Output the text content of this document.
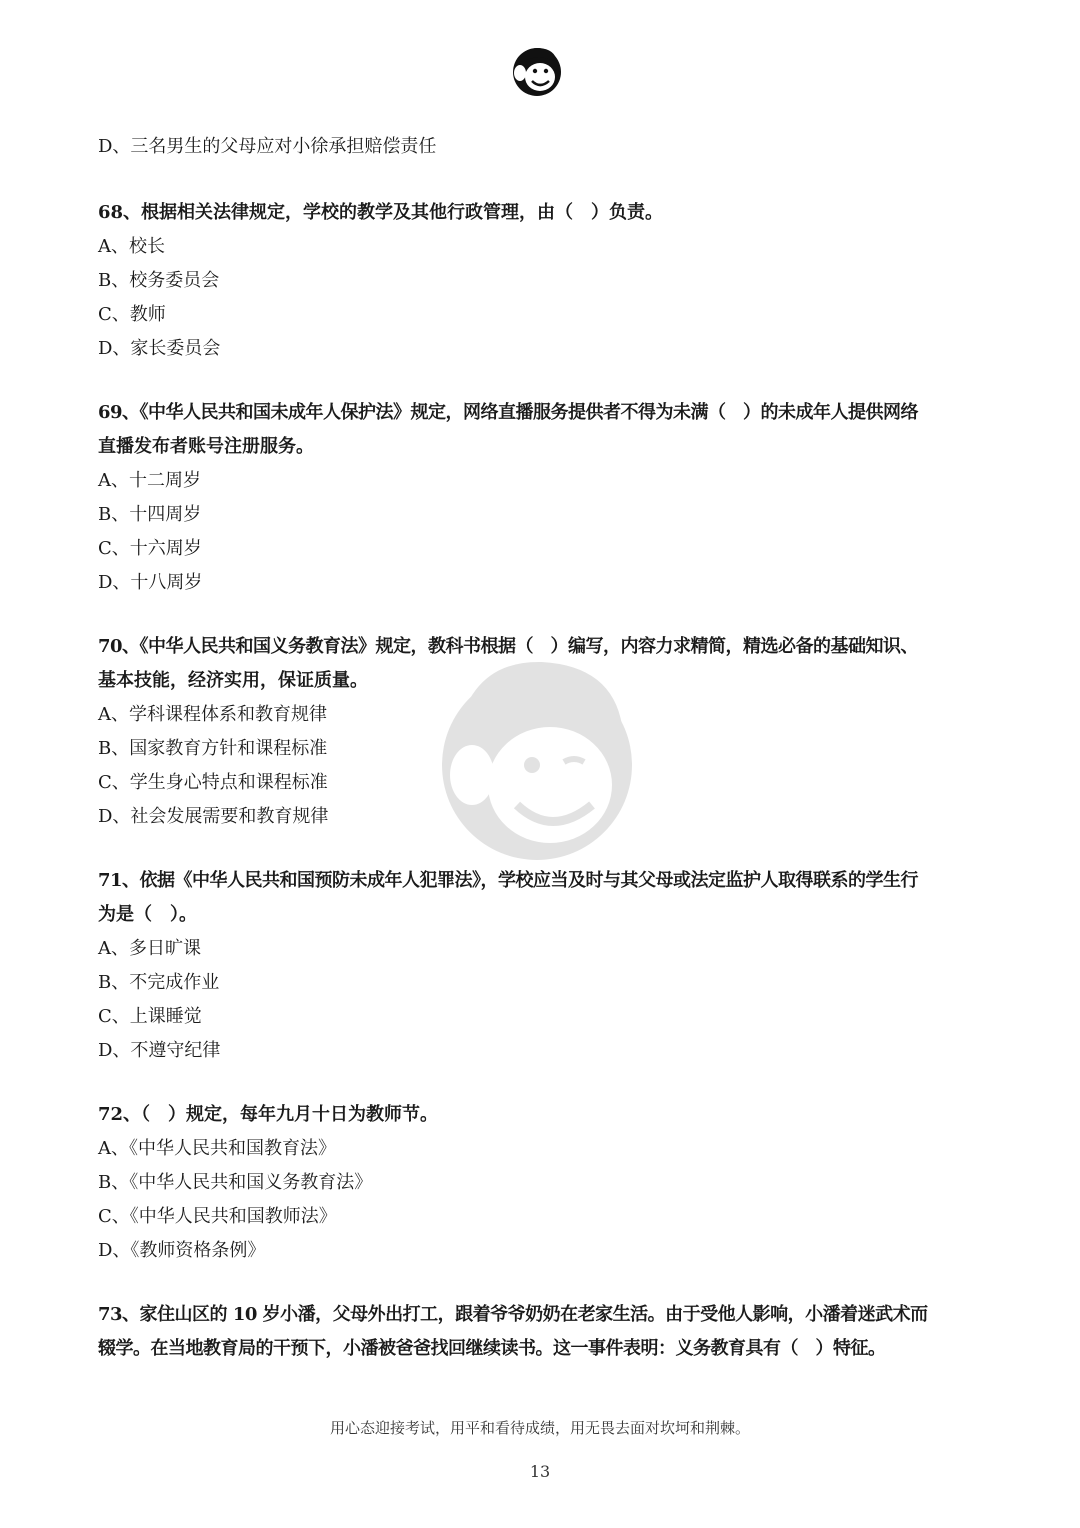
D、三名男生的父母应对小徐承担赔偿责任
68、根据相关法律规定，学校的教学及其他行政管理，由（　）负责。
A、校长
B、校务委员会
C、教师
D、家长委员会
69、《中华人民共和国未成年人保护法》规定，网络直播服务提供者不得为未满（　）的未成年人提供网络
直播发布者账号注册服务。
A、十二周岁
B、十四周岁
C、十六周岁
D、十八周岁
70、《中华人民共和国义务教育法》规定，教科书根据（　）编写，内容力求精简，精选必备的基础知识、
基本技能，经济实用，保证质量。
A、学科课程体系和教育规律
B、国家教育方针和课程标准
C、学生身心特点和课程标准
D、社会发展需要和教育规律
71、依据《中华人民共和国预防未成年人犯罪法》，学校应当及时与其父母或法定监护人取得联系的学生行
为是（　）。
A、多日旷课
B、不完成作业
C、上课睡觉
D、不遵守纪律
72、（　）规定，每年九月十日为教师节。
A、《中华人民共和国教育法》
B、《中华人民共和国义务教育法》
C、《中华人民共和国教师法》
D、《教师资格条例》
73、家住山区的 10 岁小潘，父母外出打工，跟着爷爷奶奶在老家生活。由于受他人影响，小潘着迷武术而
辍学。在当地教育局的干预下，小潘被爸爸找回继续读书。这一事件表明：义务教育具有（　）特征。
用心态迎接考试，用平和看待成绩，用无畏去面对坎坷和荆棘。
13
